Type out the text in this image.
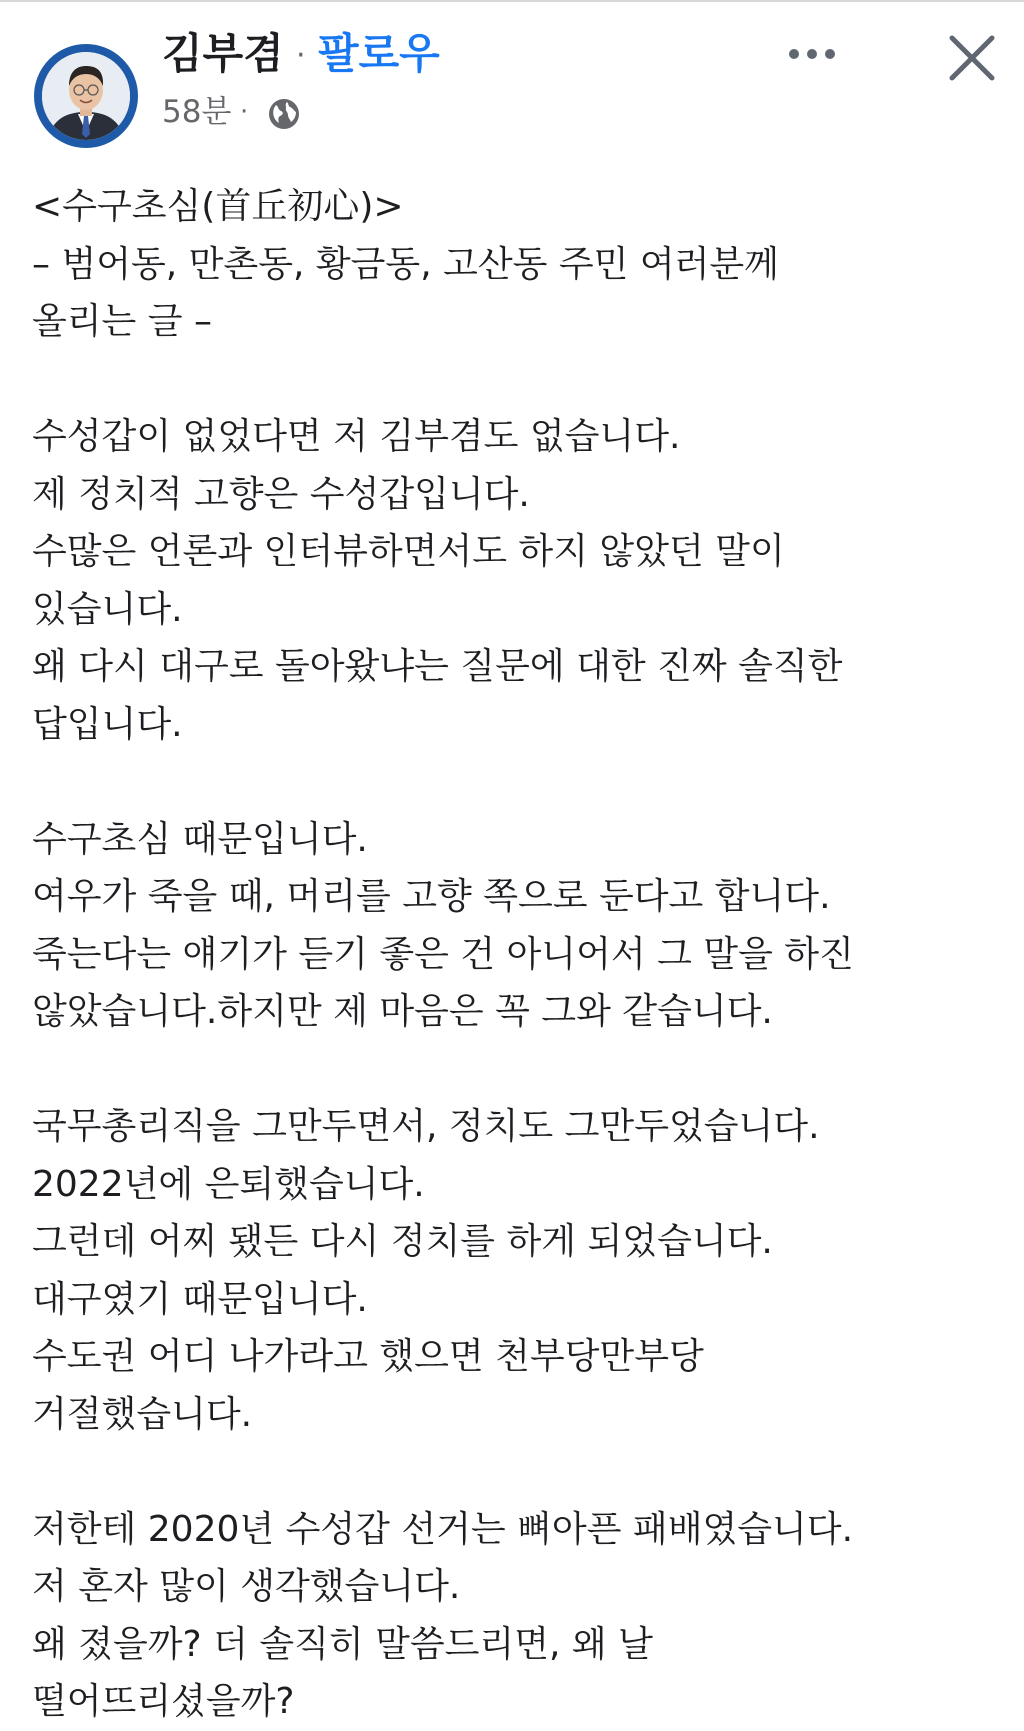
김부겸 · 팔로우
58분 ·
<수구초심(首丘初心)>
– 범어동, 만촌동, 황금동, 고산동 주민 여러분께
올리는 글 –
수성갑이 없었다면 저 김부겸도 없습니다.
제 정치적 고향은 수성갑입니다.
수많은 언론과 인터뷰하면서도 하지 않았던 말이
있습니다.
왜 다시 대구로 돌아왔냐는 질문에 대한 진짜 솔직한
답입니다.
수구초심 때문입니다.
여우가 죽을 때, 머리를 고향 쪽으로 둔다고 합니다.
죽는다는 얘기가 듣기 좋은 건 아니어서 그 말을 하진
않았습니다.하지만 제 마음은 꼭 그와 같습니다.
국무총리직을 그만두면서, 정치도 그만두었습니다.
2022년에 은퇴했습니다.
그런데 어찌 됐든 다시 정치를 하게 되었습니다.
대구였기 때문입니다.
수도권 어디 나가라고 했으면 천부당만부당
거절했습니다.
저한테 2020년 수성갑 선거는 뼈아픈 패배였습니다.
저 혼자 많이 생각했습니다.
왜 졌을까? 더 솔직히 말씀드리면, 왜 날
떨어뜨리셨을까?
